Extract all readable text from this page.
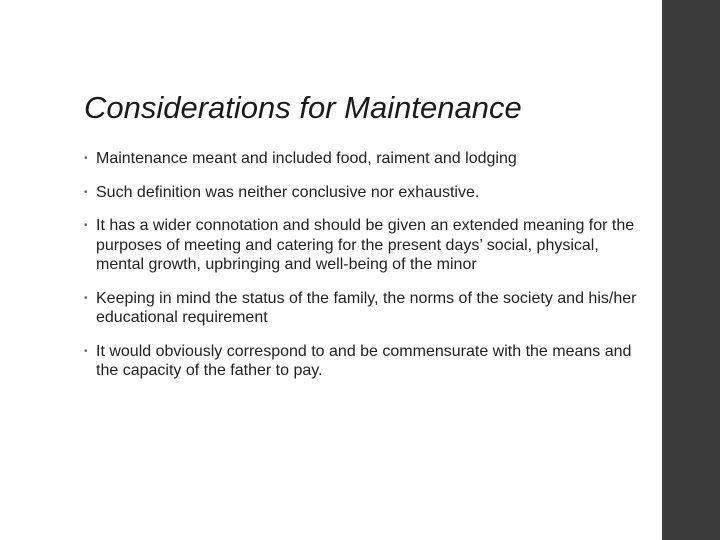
Considerations for Maintenance
• Maintenance meant and included food, raiment and lodging
• Such definition was neither conclusive nor exhaustive.
• It has a wider connotation and should be given an extended meaning for the purposes of meeting and catering for the present days’ social, physical, mental growth, upbringing and well-being of the minor
• Keeping in mind the status of the family, the norms of the society and his/her educational requirement
• It would obviously correspond to and be commensurate with the means and the capacity of the father to pay.
